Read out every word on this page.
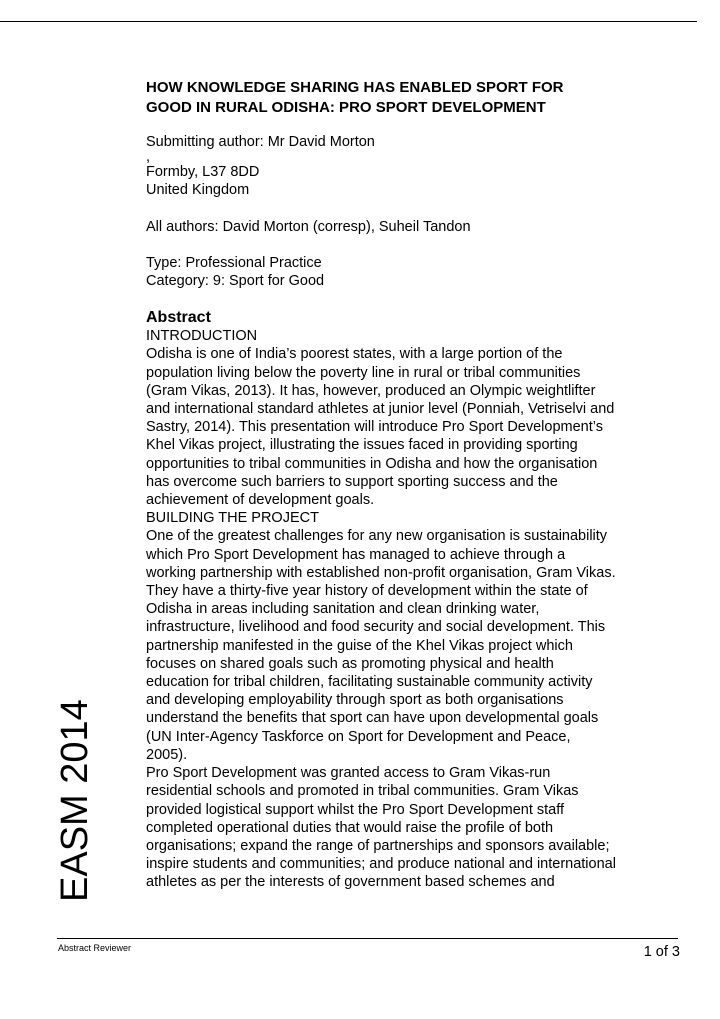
EASM 2014
HOW KNOWLEDGE SHARING HAS ENABLED SPORT FOR
GOOD IN RURAL ODISHA: PRO SPORT DEVELOPMENT
Submitting author: Mr David Morton
,
Formby, L37 8DD
United Kingdom
All authors: David Morton (corresp), Suheil Tandon
Type: Professional Practice
Category: 9: Sport for Good
Abstract
INTRODUCTION
Odisha is one of India’s poorest states, with a large portion of the
population living below the poverty line in rural or tribal communities
(Gram Vikas, 2013). It has, however, produced an Olympic weightlifter
and international standard athletes at junior level (Ponniah, Vetriselvi and
Sastry, 2014). This presentation will introduce Pro Sport Development’s
Khel Vikas project, illustrating the issues faced in providing sporting
opportunities to tribal communities in Odisha and how the organisation
has overcome such barriers to support sporting success and the
achievement of development goals.
BUILDING THE PROJECT
One of the greatest challenges for any new organisation is sustainability
which Pro Sport Development has managed to achieve through a
working partnership with established non-profit organisation, Gram Vikas.
They have a thirty-five year history of development within the state of
Odisha in areas including sanitation and clean drinking water,
infrastructure, livelihood and food security and social development. This
partnership manifested in the guise of the Khel Vikas project which
focuses on shared goals such as promoting physical and health
education for tribal children, facilitating sustainable community activity
and developing employability through sport as both organisations
understand the benefits that sport can have upon developmental goals
(UN Inter-Agency Taskforce on Sport for Development and Peace,
2005).
Pro Sport Development was granted access to Gram Vikas-run
residential schools and promoted in tribal communities. Gram Vikas
provided logistical support whilst the Pro Sport Development staff
completed operational duties that would raise the profile of both
organisations; expand the range of partnerships and sponsors available;
inspire students and communities; and produce national and international
athletes as per the interests of government based schemes and
Abstract Reviewer	1 of 3
